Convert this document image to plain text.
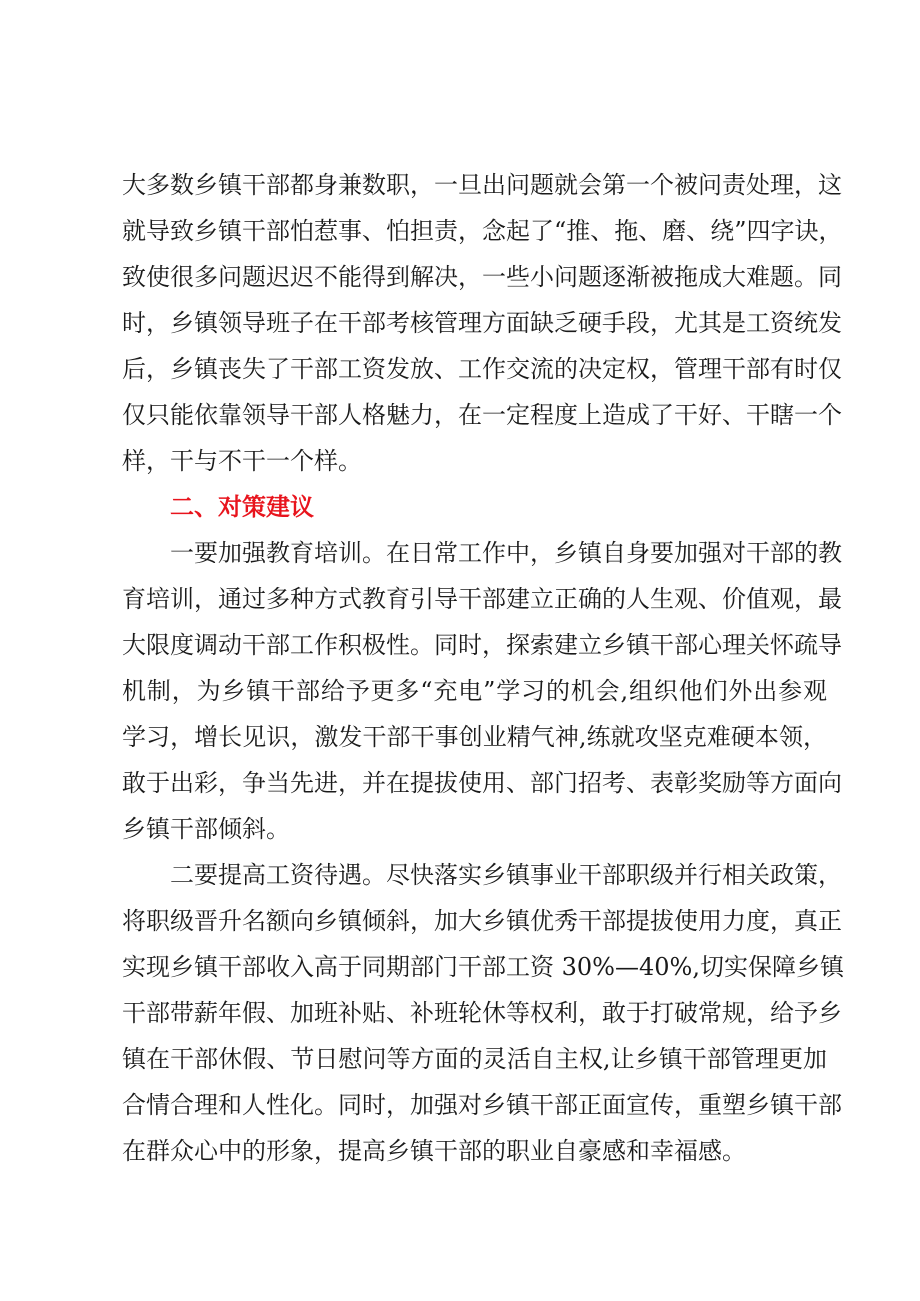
大多数乡镇干部都身兼数职，一旦出问题就会第一个被问责处理，这

就导致乡镇干部怕惹事、怕担责，念起了“推、拖、磨、绕”四字诀，

致使很多问题迟迟不能得到解决，一些小问题逐渐被拖成大难题。同

时，乡镇领导班子在干部考核管理方面缺乏硬手段，尤其是工资统发

后，乡镇丧失了干部工资发放、工作交流的决定权，管理干部有时仅

仅只能依靠领导干部人格魅力，在一定程度上造成了干好、干瞎一个

样，干与不干一个样。

二、对策建议

一要加强教育培训。在日常工作中，乡镇自身要加强对干部的教

育培训，通过多种方式教育引导干部建立正确的人生观、价值观，最

大限度调动干部工作积极性。同时，探索建立乡镇干部心理关怀疏导

机制，为乡镇干部给予更多“充电”学习的机会,组织他们外出参观

学习，增长见识，激发干部干事创业精气神,练就攻坚克难硬本领，

敢于出彩，争当先进，并在提拔使用、部门招考、表彰奖励等方面向

乡镇干部倾斜。

二要提高工资待遇。尽快落实乡镇事业干部职级并行相关政策，

将职级晋升名额向乡镇倾斜，加大乡镇优秀干部提拔使用力度，真正

实现乡镇干部收入高于同期部门干部工资 30%—40%,切实保障乡镇

干部带薪年假、加班补贴、补班轮休等权利，敢于打破常规，给予乡

镇在干部休假、节日慰问等方面的灵活自主权,让乡镇干部管理更加

合情合理和人性化。同时，加强对乡镇干部正面宣传，重塑乡镇干部

在群众心中的形象，提高乡镇干部的职业自豪感和幸福感。
